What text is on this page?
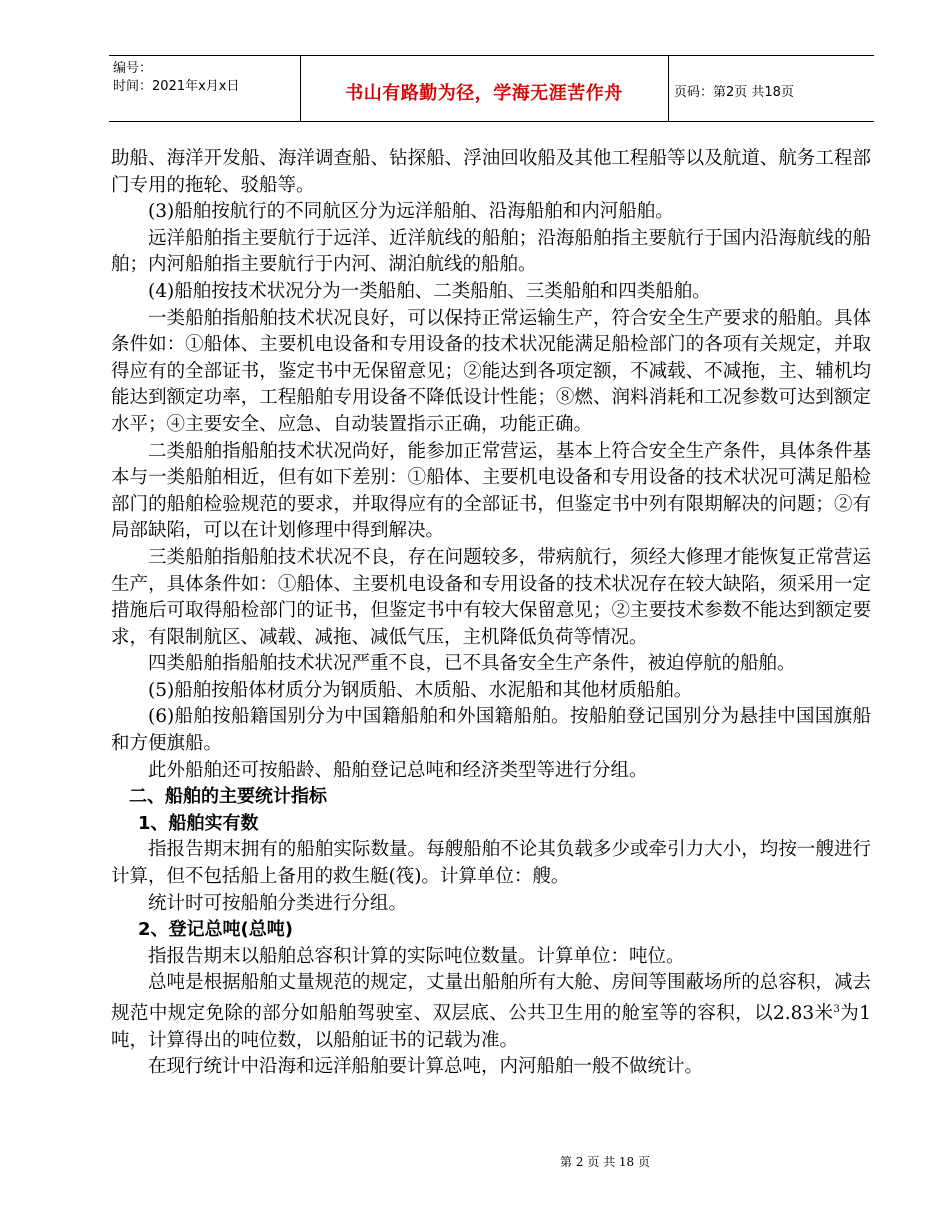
编号：
时间：2021年x月x日	书山有路勤为径，学海无涯苦作舟	页码：第2页 共18页

助船、海洋开发船、海洋调查船、钻探船、浮油回收船及其他工程船等以及航道、航务工程部门专用的拖轮、驳船等。

(3)船舶按航行的不同航区分为远洋船舶、沿海船舶和内河船舶。

远洋船舶指主要航行于远洋、近洋航线的船舶；沿海船舶指主要航行于国内沿海航线的船舶；内河船舶指主要航行于内河、湖泊航线的船舶。

(4)船舶按技术状况分为一类船舶、二类船舶、三类船舶和四类船舶。

一类船舶指船舶技术状况良好，可以保持正常运输生产，符合安全生产要求的船舶。具体条件如：①船体、主要机电设备和专用设备的技术状况能满足船检部门的各项有关规定，并取得应有的全部证书，鉴定书中无保留意见；②能达到各项定额，不减载、不减拖，主、辅机均能达到额定功率，工程船舶专用设备不降低设计性能；⑧燃、润料消耗和工况参数可达到额定水平；④主要安全、应急、自动装置指示正确，功能正确。

二类船舶指船舶技术状况尚好，能参加正常营运，基本上符合安全生产条件，具体条件基本与一类船舶相近，但有如下差别：①船体、主要机电设备和专用设备的技术状况可满足船检部门的船舶检验规范的要求，并取得应有的全部证书，但鉴定书中列有限期解决的问题；②有局部缺陷，可以在计划修理中得到解决。

三类船舶指船舶技术状况不良，存在问题较多，带病航行，须经大修理才能恢复正常营运生产，具体条件如：①船体、主要机电设备和专用设备的技术状况存在较大缺陷，须采用一定措施后可取得船检部门的证书，但鉴定书中有较大保留意见；②主要技术参数不能达到额定要求，有限制航区、减载、减拖、减低气压，主机降低负荷等情况。

四类船舶指船舶技术状况严重不良，已不具备安全生产条件，被迫停航的船舶。

(5)船舶按船体材质分为钢质船、木质船、水泥船和其他材质船舶。

(6)船舶按船籍国别分为中国籍船舶和外国籍船舶。按船舶登记国别分为悬挂中国国旗船和方便旗船。

此外船舶还可按船龄、船舶登记总吨和经济类型等进行分组。

二、船舶的主要统计指标

1、船舶实有数

指报告期末拥有的船舶实际数量。每艘船舶不论其负载多少或牵引力大小，均按一艘进行计算，但不包括船上备用的救生艇(筏)。计算单位：艘。

统计时可按船舶分类进行分组。

2、登记总吨(总吨)

指报告期末以船舶总容积计算的实际吨位数量。计算单位：吨位。

总吨是根据船舶丈量规范的规定，丈量出船舶所有大舱、房间等围蔽场所的总容积，减去规范中规定免除的部分如船舶驾驶室、双层底、公共卫生用的舱室等的容积，以2.83米$^3$为1吨，计算得出的吨位数，以船舶证书的记载为准。

在现行统计中沿海和远洋船舶要计算总吨，内河船舶一般不做统计。

第 2 页 共 18 页
